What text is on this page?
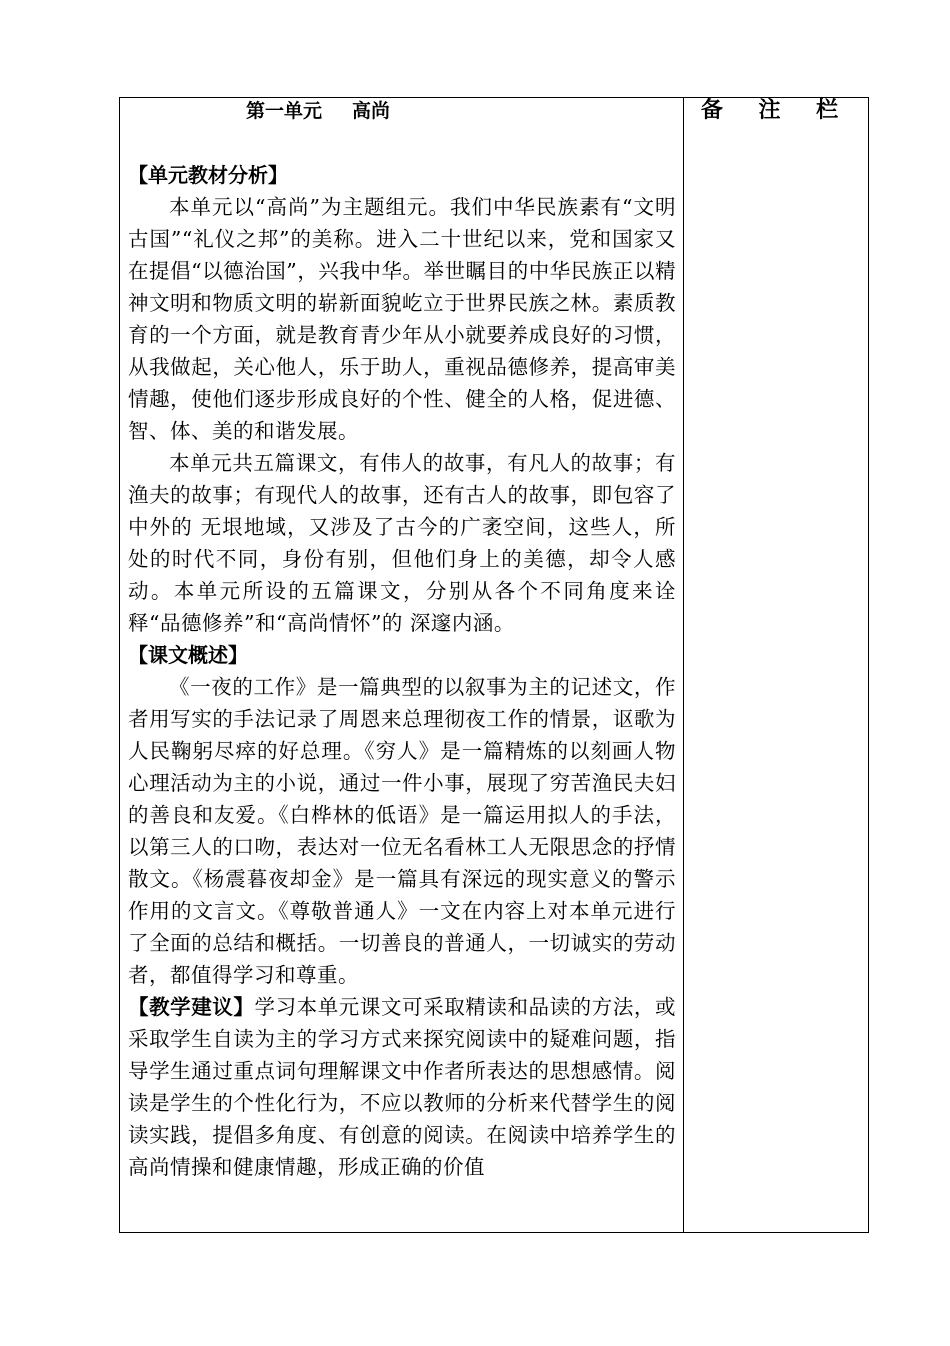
备 注 栏
第一单元 高尚
【单元教材分析】

本单元以“高尚”为主题组元。我们中华民族素有“文明古国”“礼仪之邦”的美称。进入二十世纪以来，党和国家又在提倡“以德治国”，兴我中华。举世瞩目的中华民族正以精神文明和物质文明的崭新面貌屹立于世界民族之林。素质教育的一个方面，就是教育青少年从小就要养成良好的习惯，从我做起，关心他人，乐于助人，重视品德修养，提高审美情趣，使他们逐步形成良好的个性、健全的人格，促进德、智、体、美的和谐发展。

本单元共五篇课文，有伟人的故事，有凡人的故事；有渔夫的故事；有现代人的故事，还有古人的故事，即包容了中外的 无垠地域，又涉及了古今的广袤空间，这些人，所处的时代不同，身份有别，但他们身上的美德，却令人感动。本单元所设的五篇课文，分别从各个不同角度来诠释“品德修养”和“高尚情怀”的 深邃内涵。

【课文概述】

《一夜的工作》是一篇典型的以叙事为主的记述文，作者用写实的手法记录了周恩来总理彻夜工作的情景，讴歌为人民鞠躬尽瘁的好总理。《穷人》是一篇精炼的以刻画人物心理活动为主的小说，通过一件小事，展现了穷苦渔民夫妇的善良和友爱。《白桦林的低语》是一篇运用拟人的手法，以第三人的口吻，表达对一位无名看林工人无限思念的抒情散文。《杨震暮夜却金》是一篇具有深远的现实意义的警示作用的文言文。《尊敬普通人》一文在内容上对本单元进行了全面的总结和概括。一切善良的普通人，一切诚实的劳动者，都值得学习和尊重。

【教学建议】学习本单元课文可采取精读和品读的方法，或采取学生自读为主的学习方式来探究阅读中的疑难问题，指导学生通过重点词句理解课文中作者所表达的思想感情。阅读是学生的个性化行为，不应以教师的分析来代替学生的阅读实践，提倡多角度、有创意的阅读。在阅读中培养学生的高尚情操和健康情趣，形成正确的价值
